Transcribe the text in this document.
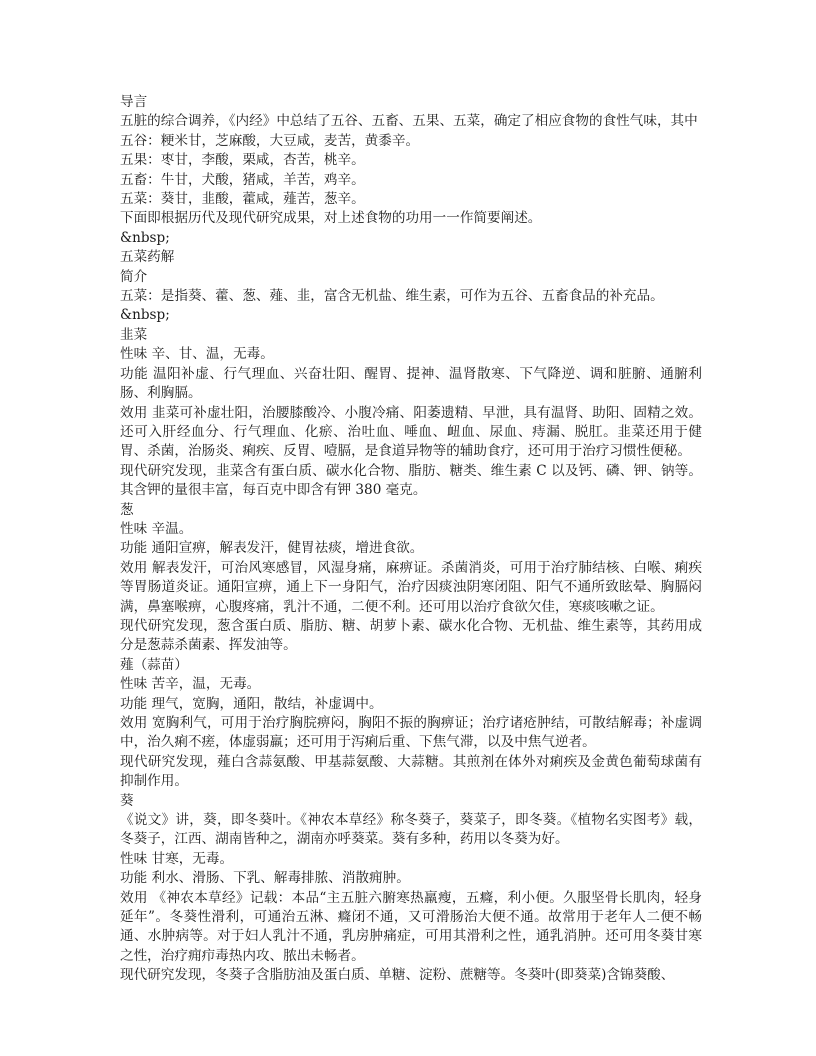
导言
五脏的综合调养，《内经》中总结了五谷、五畜、五果、五菜，确定了相应食物的食性气味，其中
五谷：粳米甘，芝麻酸，大豆咸，麦苦，黄黍辛。
五果：枣甘，李酸，栗咸，杏苦，桃辛。
五畜：牛甘，犬酸，猪咸，羊苦，鸡辛。
五菜：葵甘，韭酸，藿咸，薤苦，葱辛。
下面即根据历代及现代研究成果，对上述食物的功用一一作简要阐述。
&nbsp;
五菜药解
简介
五菜：是指葵、藿、葱、薤、韭，富含无机盐、维生素，可作为五谷、五畜食品的补充品。
&nbsp;
韭菜
性味 辛、甘、温，无毒。
功能 温阳补虚、行气理血、兴奋壮阳、醒胃、提神、温肾散寒、下气降逆、调和脏腑、通腑利肠、利胸膈。
效用 韭菜可补虚壮阳，治腰膝酸冷、小腹冷痛、阳萎遗精、早泄，具有温肾、助阳、固精之效。还可入肝经血分、行气理血、化瘀、治吐血、唾血、衄血、尿血、痔漏、脱肛。韭菜还用于健胃、杀菌，治肠炎、痢疾、反胃、噎膈，是食道异物等的辅助食疗，还可用于治疗习惯性便秘。
现代研究发现，韭菜含有蛋白质、碳水化合物、脂肪、糖类、维生素 C 以及钙、磷、钾、钠等。其含钾的量很丰富，每百克中即含有钾 380 毫克。
葱
性味 辛温。
功能 通阳宣痹，解表发汗，健胃祛痰，增进食欲。
效用 解表发汗，可治风寒感冒，风湿身痛，麻痹证。杀菌消炎，可用于治疗肺结核、白喉、痢疾等胃肠道炎证。通阳宣痹，通上下一身阳气，治疗因痰浊阴寒闭阻、阳气不通所致眩晕、胸膈闷满，鼻塞喉痹，心腹疼痛，乳汁不通，二便不利。还可用以治疗食欲欠佳，寒痰咳嗽之证。
现代研究发现，葱含蛋白质、脂肪、糖、胡萝卜素、碳水化合物、无机盐、维生素等，其药用成分是葱蒜杀菌素、挥发油等。
薤（蒜苗）
性味 苦辛，温，无毒。
功能 理气，宽胸，通阳，散结，补虚调中。
效用 宽胸利气，可用于治疗胸脘痹闷，胸阳不振的胸痹证；治疗诸疮肿结，可散结解毒；补虚调中，治久痢不瘥，体虚弱羸；还可用于泻痢后重、下焦气滞，以及中焦气逆者。
现代研究发现，薤白含蒜氨酸、甲基蒜氨酸、大蒜糖。其煎剂在体外对痢疾及金黄色葡萄球菌有抑制作用。
葵
《说文》讲，葵，即冬葵叶。《神农本草经》称冬葵子，葵菜子，即冬葵。《植物名实图考》载，冬葵子，江西、湖南皆种之，湖南亦呼葵菜。葵有多种，药用以冬葵为好。
性味 甘寒，无毒。
功能 利水、滑肠、下乳、解毒排脓、消散痈肿。
效用 《神农本草经》记载：本品“主五脏六腑寒热羸瘦，五癃，利小便。久服坚骨长肌肉，轻身延年”。冬葵性滑利，可通治五淋、癃闭不通，又可滑肠治大便不通。故常用于老年人二便不畅通、水肿病等。对于妇人乳汁不通，乳房肿痛症，可用其滑利之性，通乳消肿。还可用冬葵甘寒之性，治疗痈疖毒热内攻、脓出未畅者。
现代研究发现，冬葵子含脂肪油及蛋白质、单糖、淀粉、蔗糖等。冬葵叶(即葵菜)含锦葵酸、
